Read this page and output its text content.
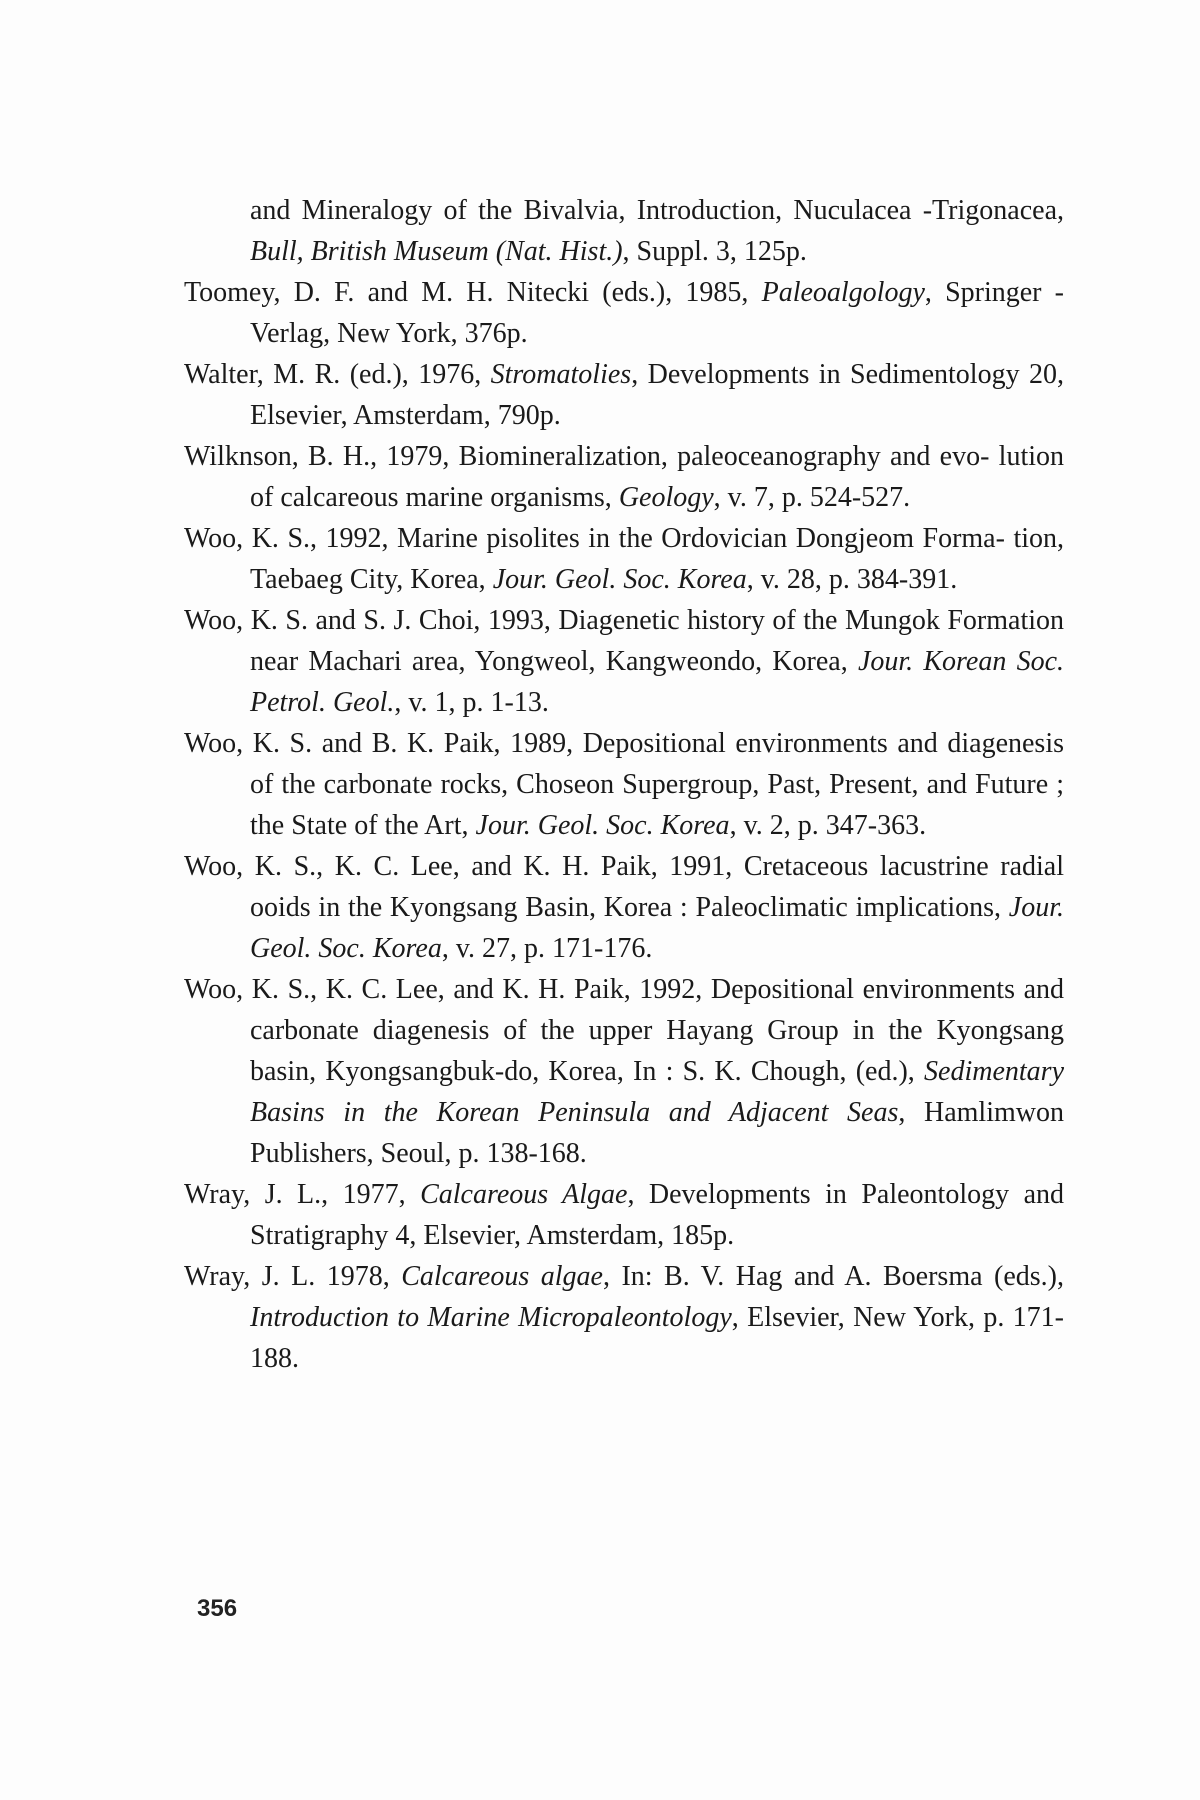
and Mineralogy of the Bivalvia, Introduction, Nuculacea -Trigonacea, Bull, British Museum (Nat. Hist.), Suppl. 3, 125p.

Toomey, D. F. and M. H. Nitecki (eds.), 1985, Paleoalgology, Springer -Verlag, New York, 376p.

Walter, M. R. (ed.), 1976, Stromatolies, Developments in Sedimentology 20, Elsevier, Amsterdam, 790p.

Wilknson, B. H., 1979, Biomineralization, paleoceanography and evo- lution of calcareous marine organisms, Geology, v. 7, p. 524-527.

Woo, K. S., 1992, Marine pisolites in the Ordovician Dongjeom Forma- tion, Taebaeg City, Korea, Jour. Geol. Soc. Korea, v. 28, p. 384-391.

Woo, K. S. and S. J. Choi, 1993, Diagenetic history of the Mungok Formation near Machari area, Yongweol, Kangweondo, Korea, Jour. Korean Soc. Petrol. Geol., v. 1, p. 1-13.

Woo, K. S. and B. K. Paik, 1989, Depositional environments and diagenesis of the carbonate rocks, Choseon Supergroup, Past, Present, and Future ; the State of the Art, Jour. Geol. Soc. Korea, v. 2, p. 347-363.

Woo, K. S., K. C. Lee, and K. H. Paik, 1991, Cretaceous lacustrine radial ooids in the Kyongsang Basin, Korea : Paleoclimatic implications, Jour. Geol. Soc. Korea, v. 27, p. 171-176.

Woo, K. S., K. C. Lee, and K. H. Paik, 1992, Depositional environments and carbonate diagenesis of the upper Hayang Group in the Kyongsang basin, Kyongsangbuk-do, Korea, In : S. K. Chough, (ed.), Sedimentary Basins in the Korean Peninsula and Adjacent Seas, Hamlimwon Publishers, Seoul, p. 138-168.

Wray, J. L., 1977, Calcareous Algae, Developments in Paleontology and Stratigraphy 4, Elsevier, Amsterdam, 185p.

Wray, J. L. 1978, Calcareous algae, In: B. V. Hag and A. Boersma (eds.), Introduction to Marine Micropaleontology, Elsevier, New York, p. 171-188.

356
